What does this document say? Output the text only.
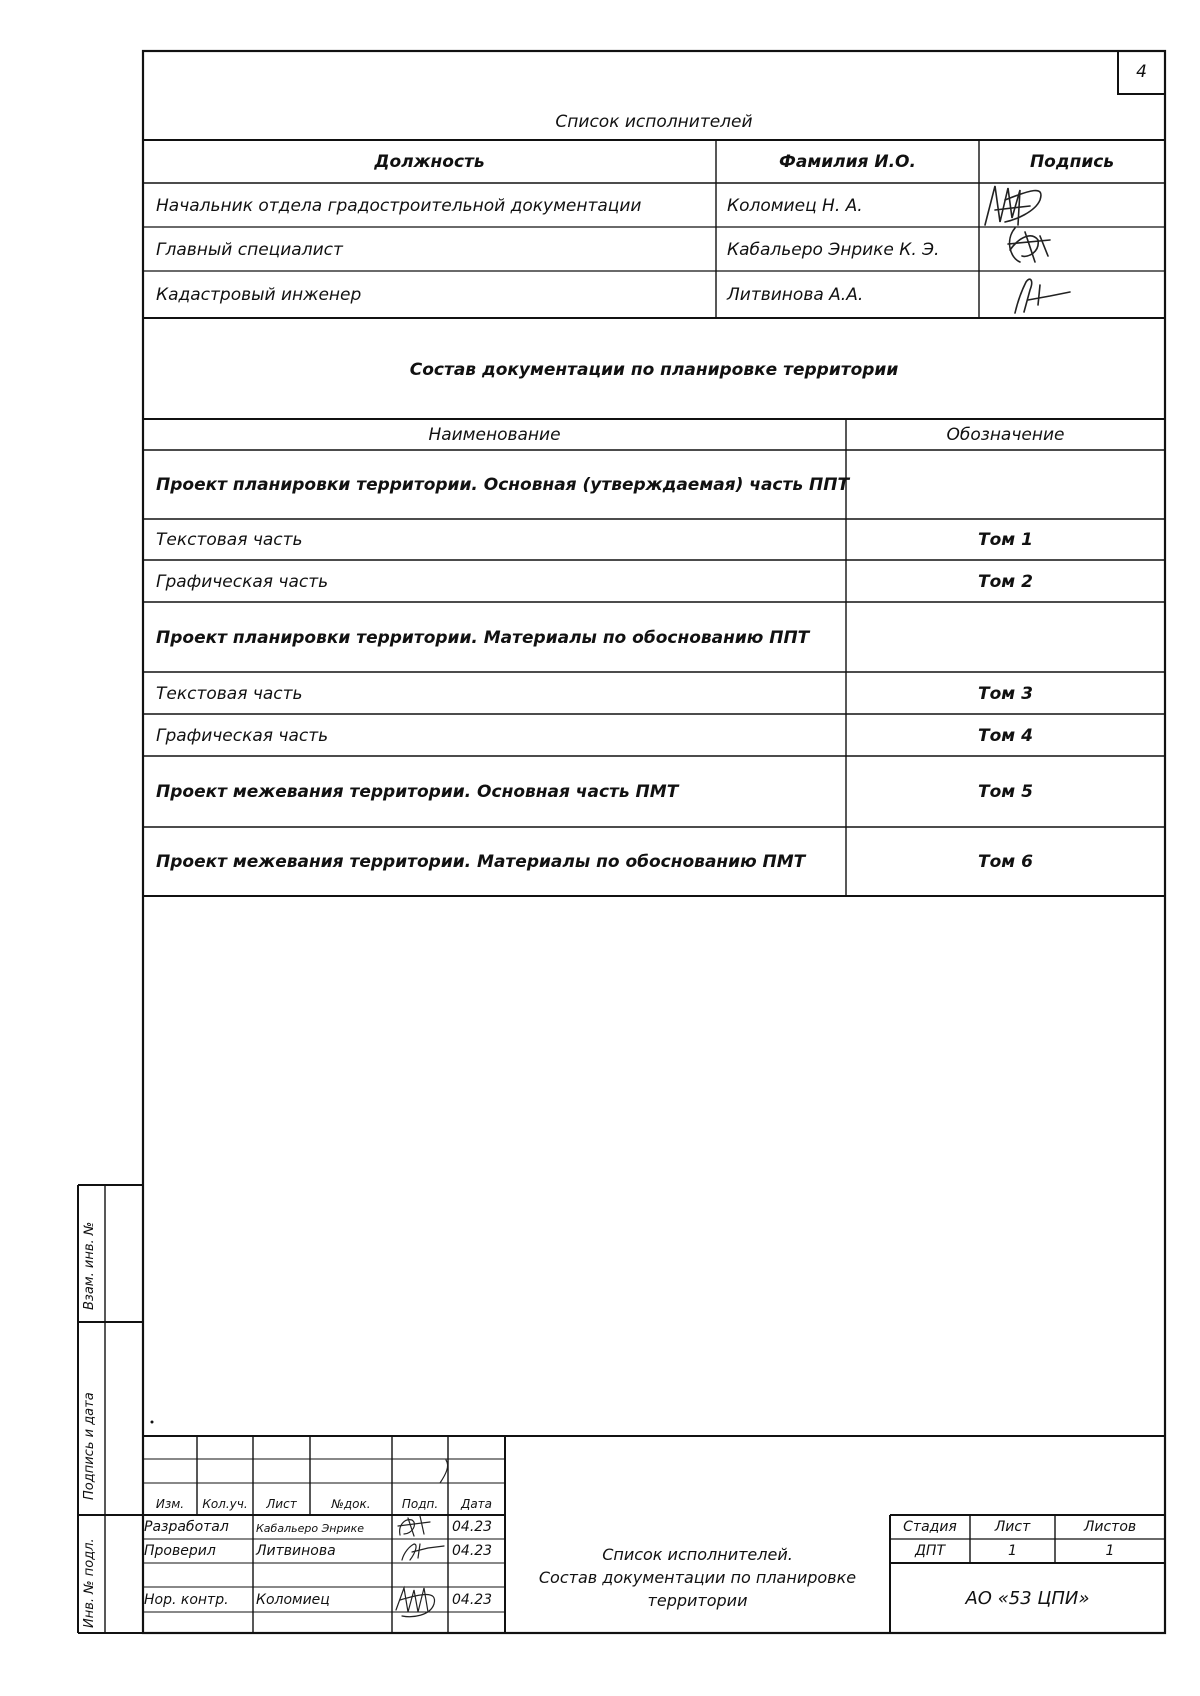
4
Список исполнителей
Должность	Фамилия И.О.	Подпись
Начальник отдела градостроительной документации	Коломиец Н. А.
Главный специалист	Кабальеро Энрике К. Э.
Кадастровый инженер	Литвинова А.А.
Состав документации по планировке территории
Наименование	Обозначение
Проект планировки территории. Основная (утверждаемая) часть ППТ
Текстовая часть	Том 1
Графическая часть	Том 2
Проект планировки территории. Материалы по обоснованию ППТ
Текстовая часть	Том 3
Графическая часть	Том 4
Проект межевания территории. Основная часть ПМТ	Том 5
Проект межевания территории. Материалы по обоснованию ПМТ	Том 6
Взам. инв. №
Подпись и дата
Инв. № подл.
Изм.	Кол.уч.	Лист	№док.	Подп.	Дата
Разработал Кабальеро Энрике	04.23
Проверил	Литвинова	04.23
Нор. контр. Коломиец	04.23
Список исполнителей.
Состав документации по планировке
территории
Стадия	Лист	Листов
ДПТ	1	1
АО «53 ЦПИ»
